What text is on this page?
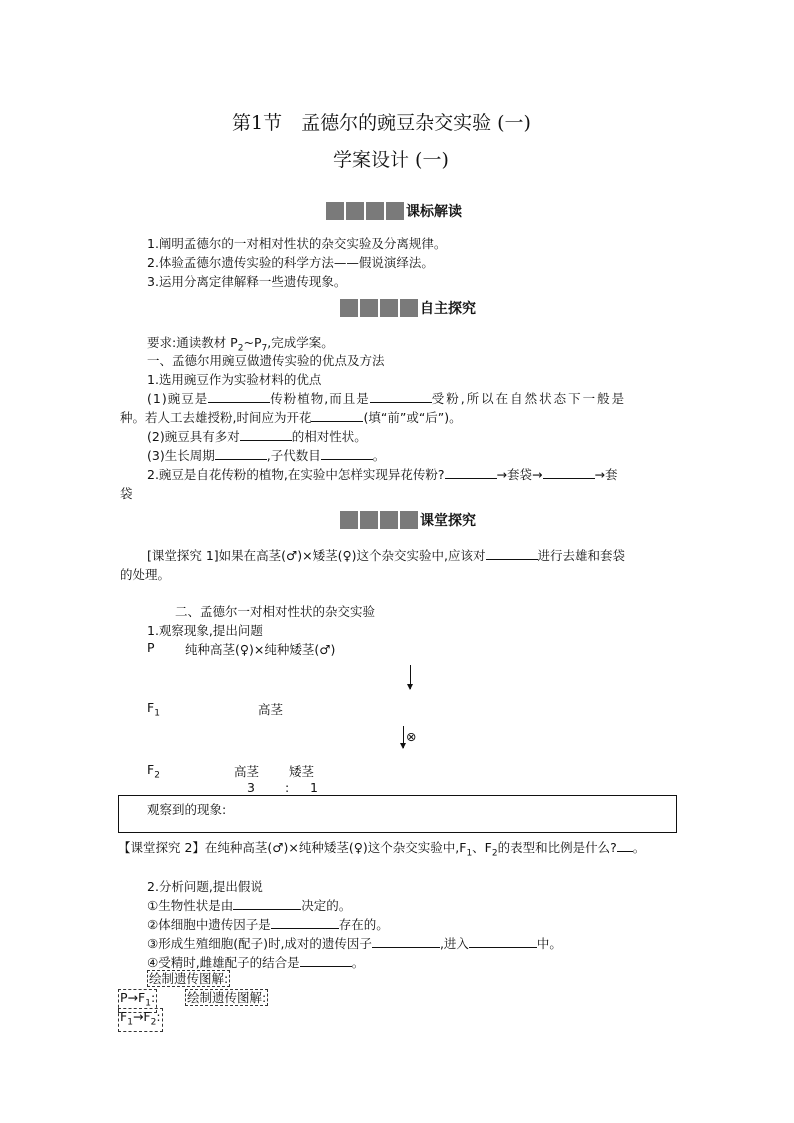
第1节　孟德尔的豌豆杂交实验 (一)
学案设计 (一)
课标解读
1.阐明孟德尔的一对相对性状的杂交实验及分离规律。
2.体验孟德尔遗传实验的科学方法——假说演绎法。
3.运用分离定律解释一些遗传现象。
自主探究
要求:通读教材 $P_2\sim P_7$,完成学案。
一、孟德尔用豌豆做遗传实验的优点及方法
1.选用豌豆作为实验材料的优点
(1)豌豆是	传粉植物,而且是	受粉,所以在自然状态下一般是
种。若人工去雄授粉,时间应为开花	(填“前”或“后”)。
(2)豌豆具有多对	的相对性状。
(3)生长周期	,子代数目	。
2.豌豆是自花传粉的植物,在实验中怎样实现异花传粉?	→套袋→	→套
袋
课堂探究
[课堂探究 1]如果在高茎(♂)×矮茎(♀)这个杂交实验中,应该对	进行去雄和套袋
的处理。
二、孟德尔一对相对性状的杂交实验
1.观察现象,提出问题
P 纯种高茎(♀)×纯种矮茎(♂)
$F_1$	高茎
⊗
$F_2$	高茎 矮茎
3 : 1
观察到的现象:
【课堂探究 2】在纯种高茎(♂)×纯种矮茎(♀)这个杂交实验中$,F_1$、$F_2$的表型和比例是什么? 。
2.分析问题,提出假说
①生物性状是由	决定的。
②体细胞中遗传因子是	存在的。
③形成生殖细胞(配子)时,成对的遗传因子	,进入	中。
④受精时,雌雄配子的结合是	。
绘制遗传图解:
$P\to F_1$:	绘制遗传图解:
$F_1\to F_2$:
